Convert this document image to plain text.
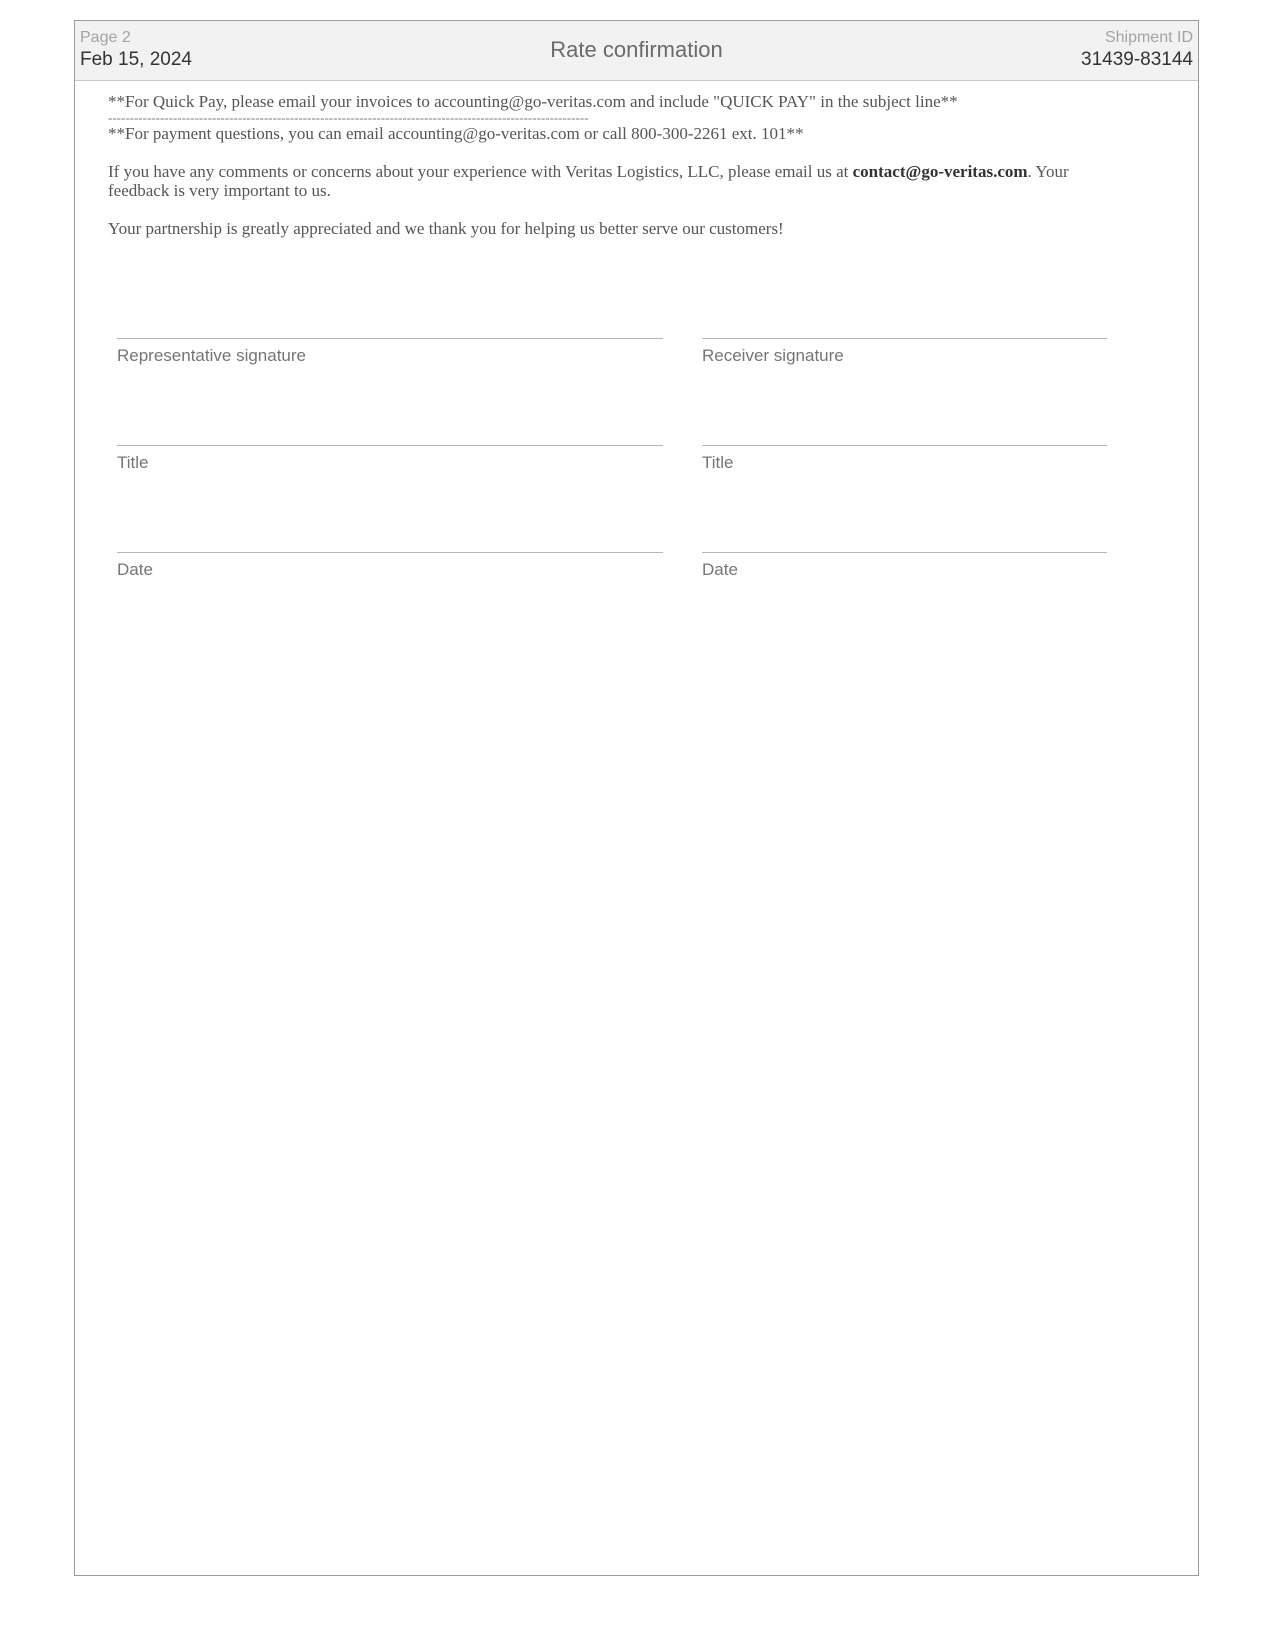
Page 2
Feb 15, 2024	Rate confirmation	Shipment ID
31439-83144

**For Quick Pay, please email your invoices to accounting@go-veritas.com and include "QUICK PAY" in the subject line**

---------------------------------------------------------------------------------------------------------------

**For payment questions, you can email accounting@go-veritas.com or call 800-300-2261 ext. 101**

If you have any comments or concerns about your experience with Veritas Logistics, LLC, please email us at contact@go-veritas.com. Your feedback is very important to us.

Your partnership is greatly appreciated and we thank you for helping us better serve our customers!

Representative signature
Title
Date
Receiver signature
Title
Date
